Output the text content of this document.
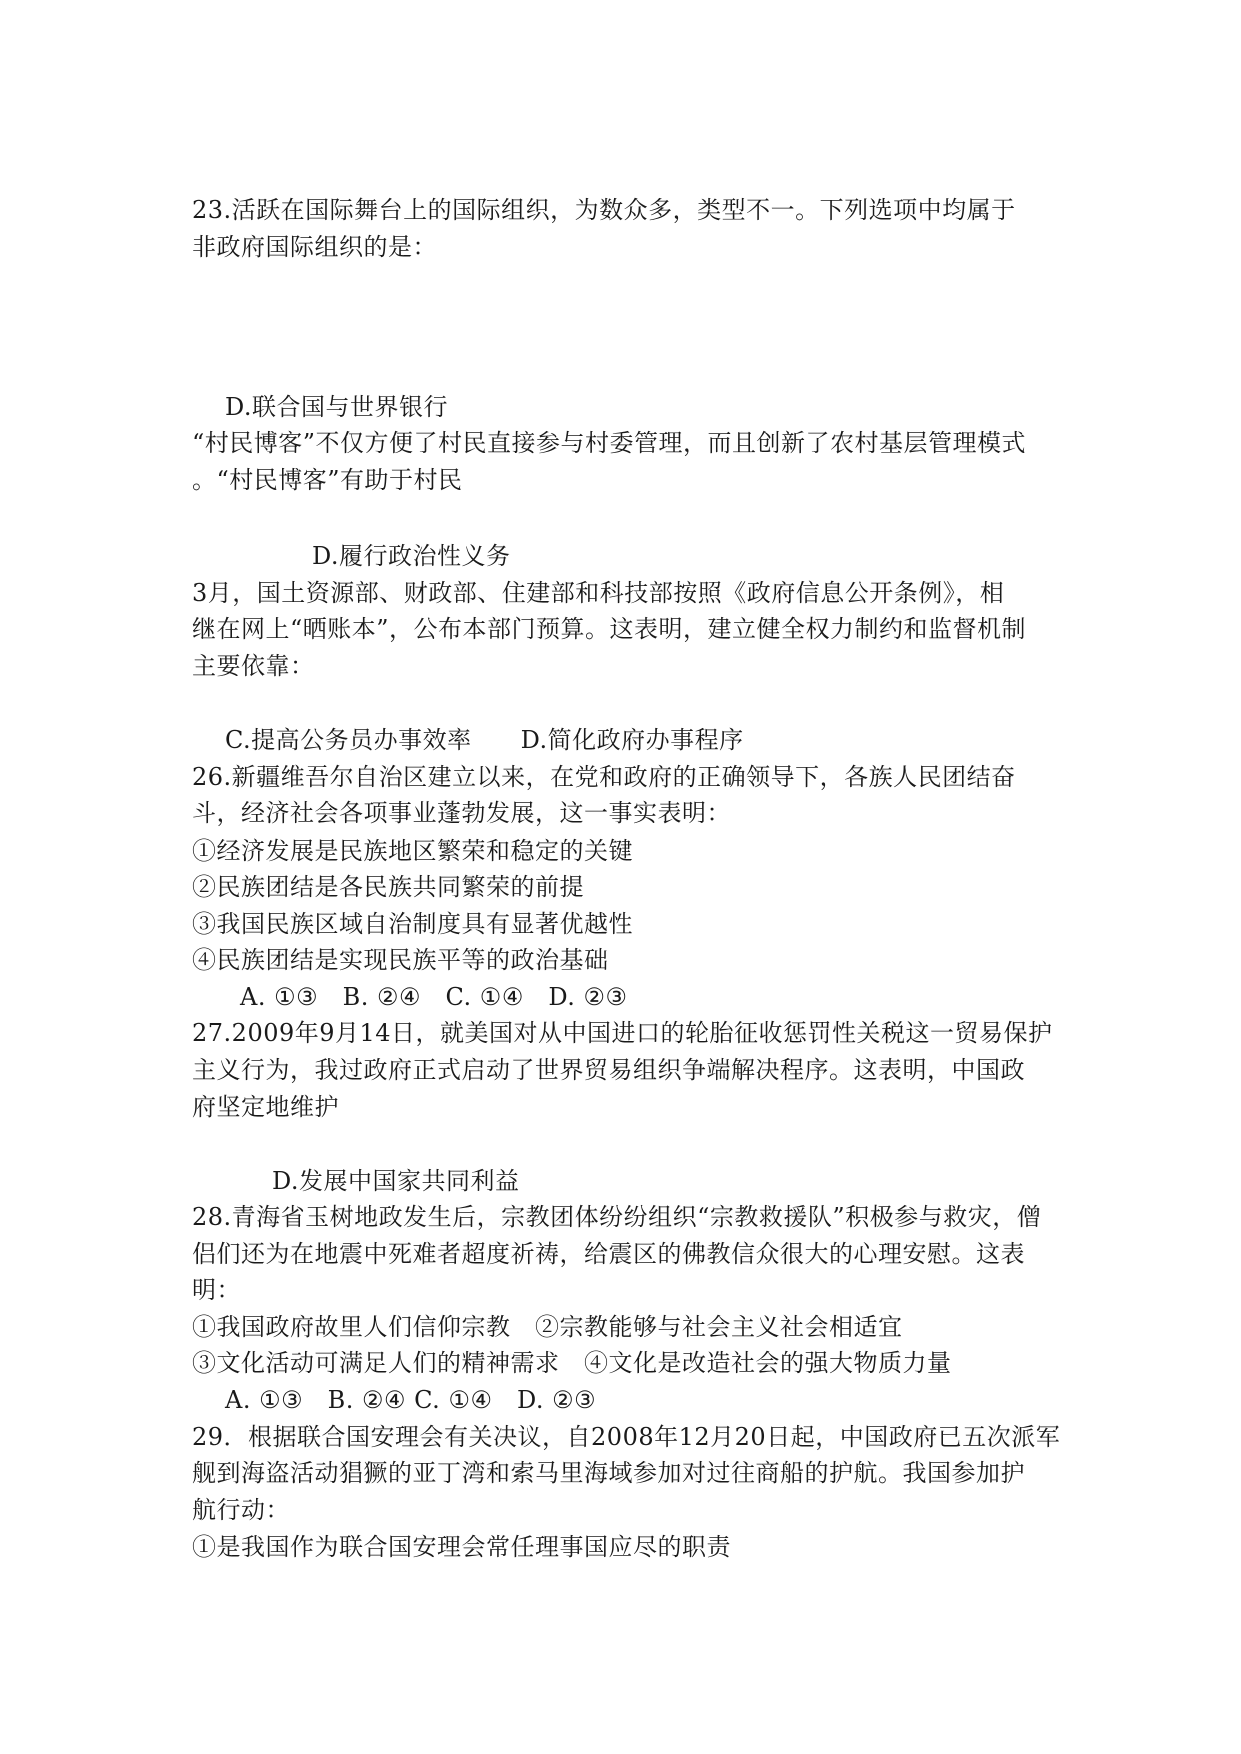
23.活跃在国际舞台上的国际组织，为数众多，类型不一。下列选项中均属于
非政府国际组织的是：
D.联合国与世界银行
“村民博客”不仅方便了村民直接参与村委管理，而且创新了农村基层管理模式
。“村民博客”有助于村民
D.履行政治性义务
3月，国土资源部、财政部、住建部和科技部按照《政府信息公开条例》，相
继在网上“晒账本”，公布本部门预算。这表明，建立健全权力制约和监督机制
主要依靠：
C.提高公务员办事效率　　D.简化政府办事程序
26.新疆维吾尔自治区建立以来，在党和政府的正确领导下，各族人民团结奋
斗，经济社会各项事业蓬勃发展，这一事实表明：
①经济发展是民族地区繁荣和稳定的关键
②民族团结是各民族共同繁荣的前提
③我国民族区域自治制度具有显著优越性
④民族团结是实现民族平等的政治基础
A. ①③　B. ②④　C. ①④　D. ②③
27.2009年9月14日，就美国对从中国进口的轮胎征收惩罚性关税这一贸易保护
主义行为，我过政府正式启动了世界贸易组织争端解决程序。这表明，中国政
府坚定地维护
D.发展中国家共同利益
28.青海省玉树地政发生后，宗教团体纷纷组织“宗教救援队”积极参与救灾，僧
侣们还为在地震中死难者超度祈祷，给震区的佛教信众很大的心理安慰。这表
明：
①我国政府故里人们信仰宗教　②宗教能够与社会主义社会相适宜
③文化活动可满足人们的精神需求　④文化是改造社会的强大物质力量
A. ①③　B. ②④ C. ①④　D. ②③
29．根据联合国安理会有关决议，自2008年12月20日起，中国政府已五次派军
舰到海盗活动猖獗的亚丁湾和索马里海域参加对过往商船的护航。我国参加护
航行动：
①是我国作为联合国安理会常任理事国应尽的职责
